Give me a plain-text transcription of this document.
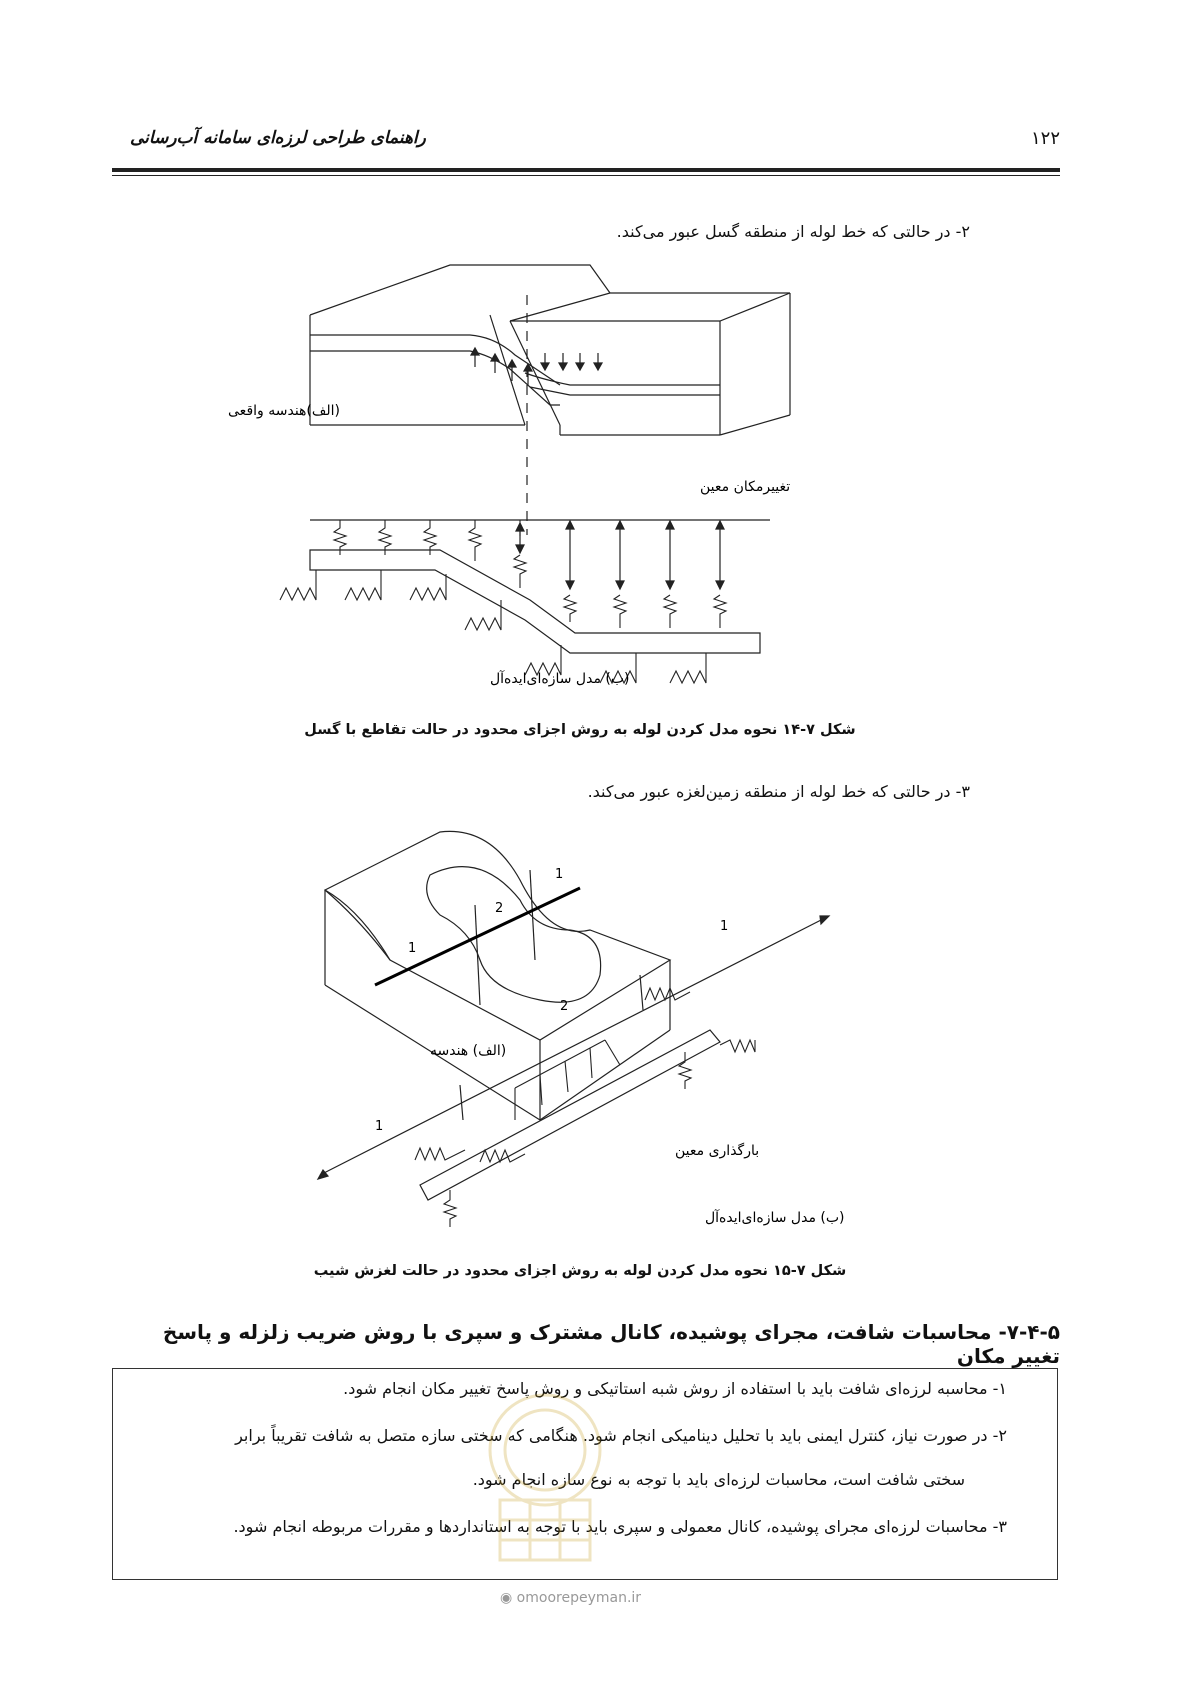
راهنمای طراحی لرزه‌ای سامانه آب‌رسانی	۱۲۲
۲- در حالتی که خط لوله از منطقه گسل عبور می‌کند.
(الف)هندسه واقعی
تغییرمکان معین
(ب) مدل سازه‌ای‌ایده‌آل
شکل ۷-۱۴ نحوه مدل کردن لوله به روش اجزای محدود در حالت تقاطع با گسل
۳- در حالتی که خط لوله از منطقه زمین‌لغزه عبور می‌کند.
1
2
1
1
2
1
(الف) هندسه
بارگذاری معین
(ب) مدل سازه‌ای‌ایده‌آل
شکل ۷-۱۵ نحوه مدل کردن لوله به روش اجزای محدود در حالت لغزش شیب
۷-۴-۵- محاسبات شافت، مجرای پوشیده، کانال مشترک و سپری با روش ضریب زلزله و پاسخ تغییر مکان
۱- محاسبه لرزه‌ای شافت باید با استفاده از روش شبه استاتیکی و روش پاسخ تغییر مکان انجام شود.
۲- در صورت نیاز، کنترل ایمنی باید با تحلیل دینامیکی انجام شود. هنگامی که سختی سازه متصل به شافت تقریباً برابر
سختی شافت است، محاسبات لرزه‌ای باید با توجه به نوع سازه انجام شود.
۳- محاسبات لرزه‌ای مجرای پوشیده، کانال معمولی و سپری باید با توجه به استانداردها و مقررات مربوطه انجام شود.
◉ omoorepeyman.ir
